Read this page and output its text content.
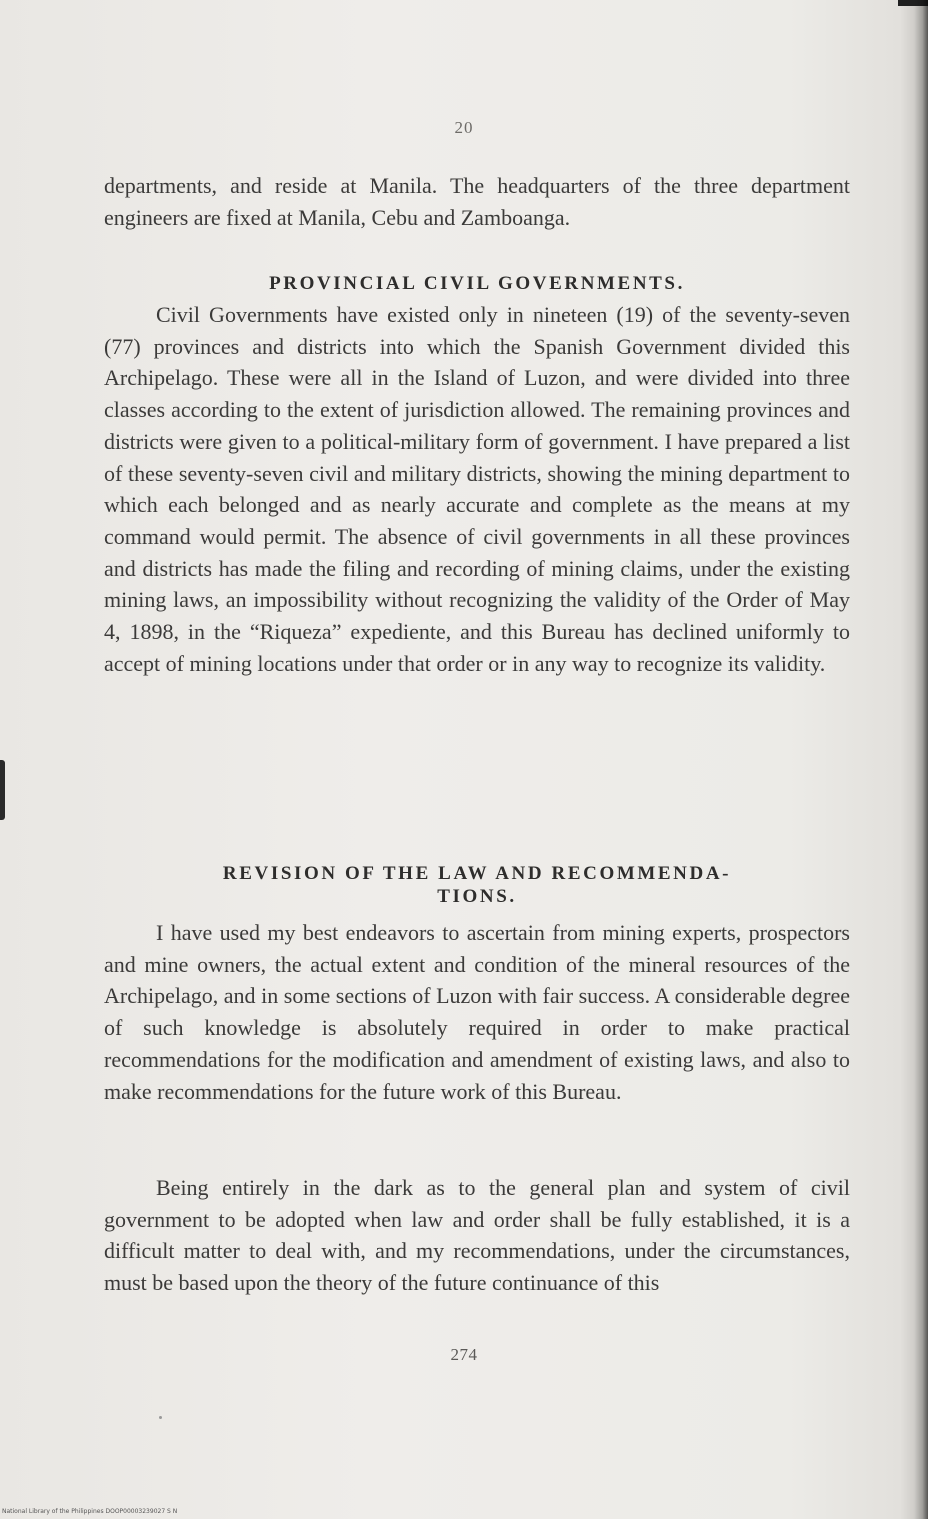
20

departments, and reside at Manila. The headquarters of the three department engineers are fixed at Manila, Cebu and Zamboanga.

PROVINCIAL CIVIL GOVERNMENTS.

Civil Governments have existed only in nineteen (19) of the seventy-seven (77) provinces and districts into which the Spanish Government divided this Archipelago. These were all in the Island of Luzon, and were divided into three classes according to the extent of jurisdiction allowed. The remaining provinces and districts were given to a political-military form of government. I have prepared a list of these seventy-seven civil and military districts, showing the mining department to which each belonged and as nearly accurate and complete as the means at my command would permit. The absence of civil governments in all these provinces and districts has made the filing and recording of mining claims, under the existing mining laws, an impossibility without recognizing the validity of the Order of May 4, 1898, in the “Riqueza” expediente, and this Bureau has declined uniformly to accept of mining locations under that order or in any way to recognize its validity.

REVISION OF THE LAW AND RECOMMENDA-
TIONS.

I have used my best endeavors to ascertain from mining experts, prospectors and mine owners, the actual extent and condition of the mineral resources of the Archipelago, and in some sections of Luzon with fair success. A considerable degree of such knowledge is absolutely required in order to make practical recommendations for the modification and amendment of existing laws, and also to make recommendations for the future work of this Bureau.

Being entirely in the dark as to the general plan and system of civil government to be adopted when law and order shall be fully established, it is a difficult matter to deal with, and my recommendations, under the circumstances, must be based upon the theory of the future continuance of this

274
National Library of the Philippines DOOP00003239027 S N
